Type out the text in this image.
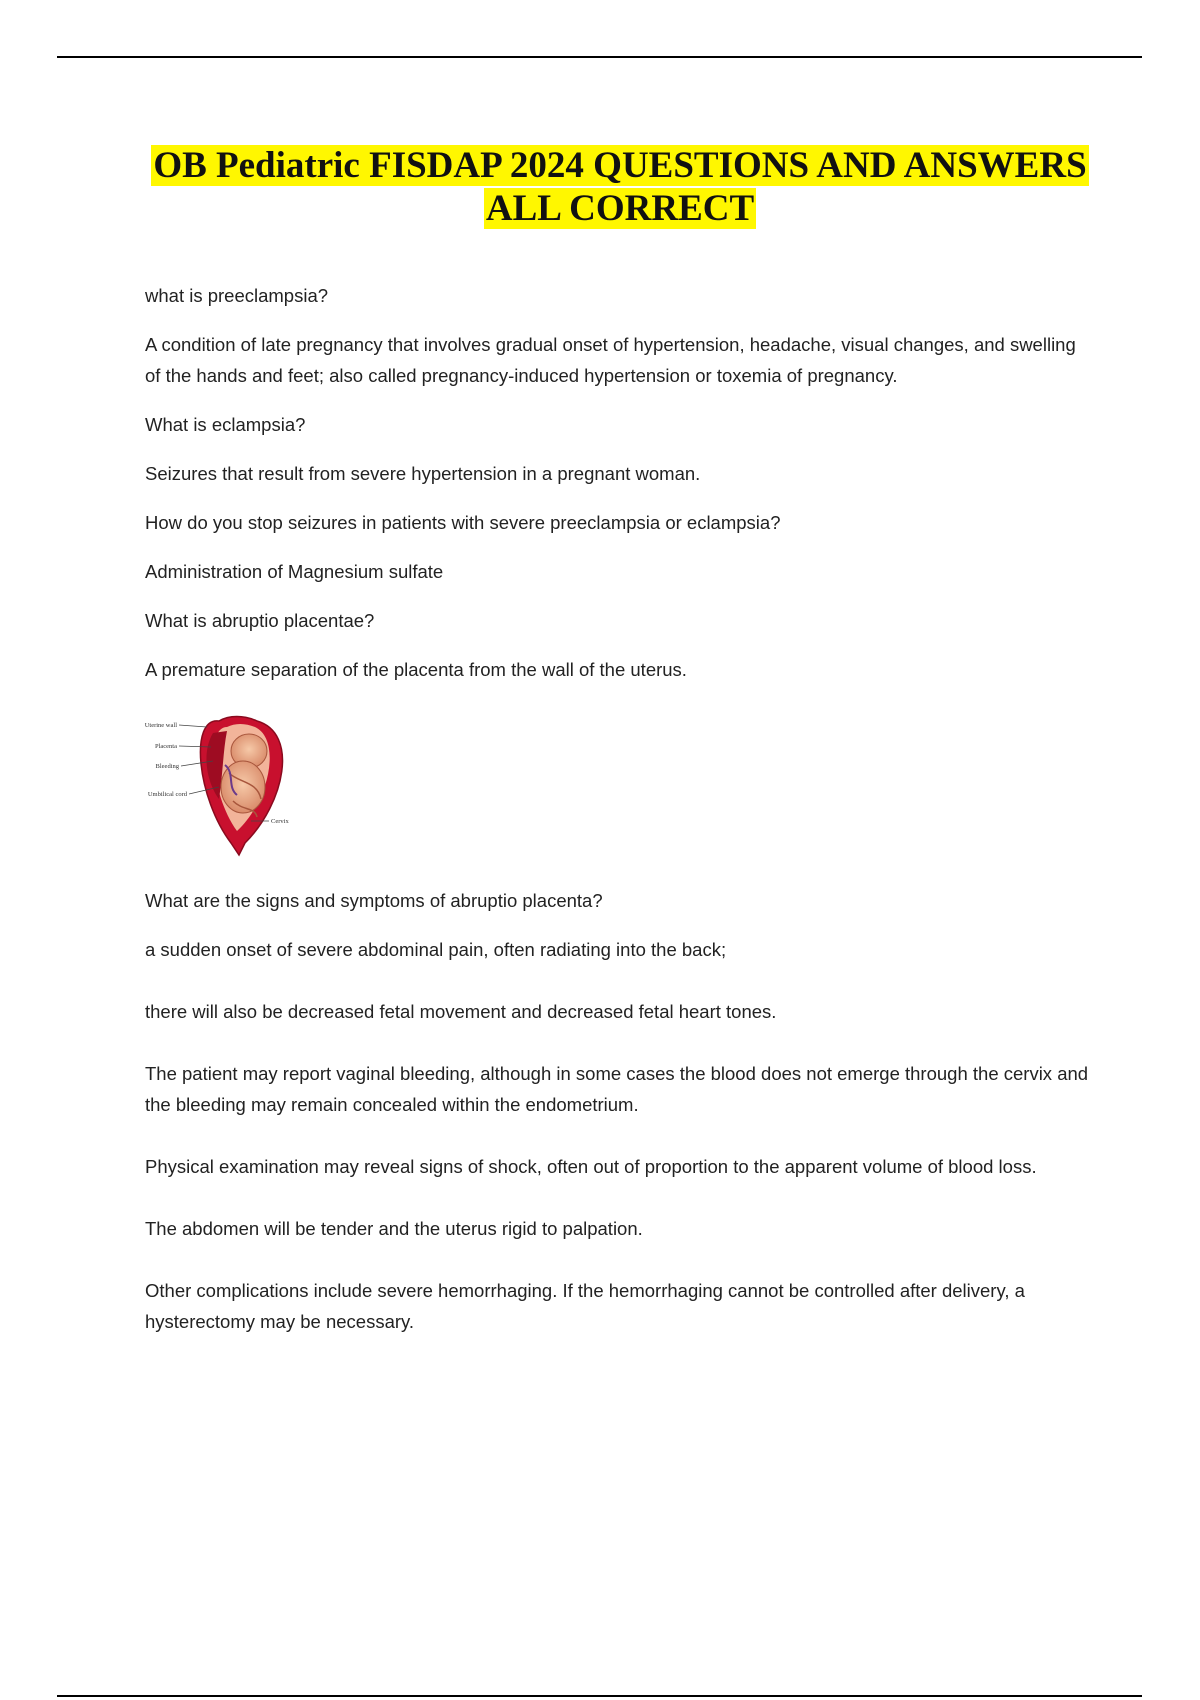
OB Pediatric FISDAP 2024 QUESTIONS AND ANSWERS
ALL CORRECT

what is preeclampsia?

A condition of late pregnancy that involves gradual onset of hypertension, headache, visual changes, and swelling of the hands and feet; also called pregnancy-induced hypertension or toxemia of pregnancy.

What is eclampsia?

Seizures that result from severe hypertension in a pregnant woman.

How do you stop seizures in patients with severe preeclampsia or eclampsia?

Administration of Magnesium sulfate

What is abruptio placentae?

A premature separation of the placenta from the wall of the uterus.

Uterine wall
Placenta
Bleeding
Umbilical cord
Cervix

What are the signs and symptoms of abruptio placenta?

a sudden onset of severe abdominal pain, often radiating into the back;

there will also be decreased fetal movement and decreased fetal heart tones.

The patient may report vaginal bleeding, although in some cases the blood does not emerge through the cervix and the bleeding may remain concealed within the endometrium.

Physical examination may reveal signs of shock, often out of proportion to the apparent volume of blood loss.

The abdomen will be tender and the uterus rigid to palpation.

Other complications include severe hemorrhaging. If the hemorrhaging cannot be controlled after delivery, a hysterectomy may be necessary.
